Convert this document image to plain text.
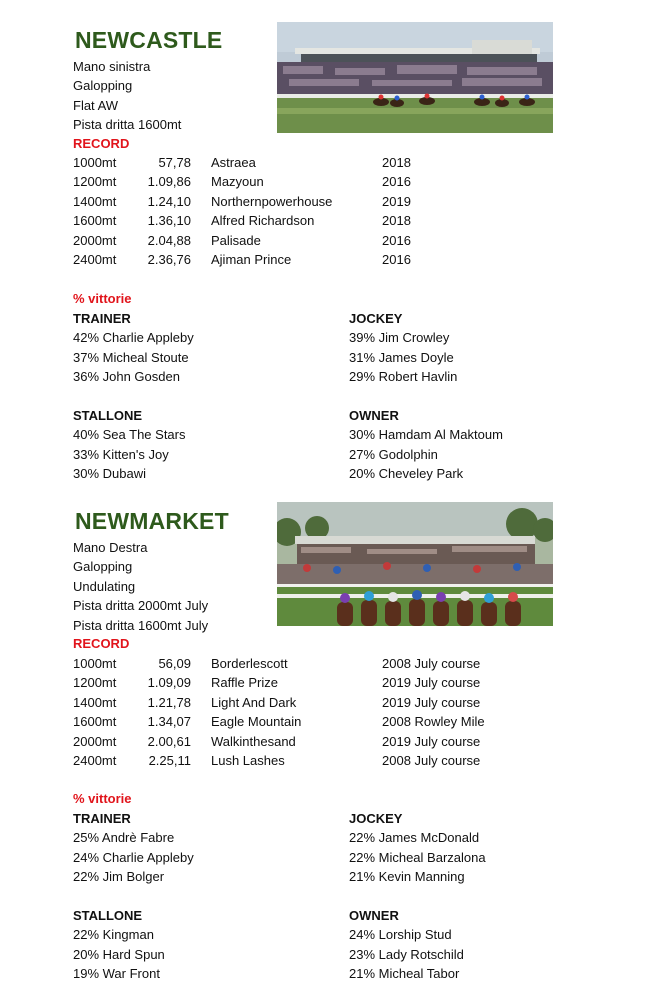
NEWCASTLE
Mano sinistra
Galopping
Flat AW
Pista dritta 1600mt
RECORD
1000mt	57,78 Astraea	2018
1200mt	1.09,86 Mazyoun	2016
1400mt	1.24,10 Northernpowerhouse	2019
1600mt	1.36,10 Alfred Richardson	2018
2000mt	2.04,88 Palisade	2016
2400mt	2.36,76 Ajiman Prince	2016
% vittorie
TRAINER
42% Charlie Appleby
37% Micheal Stoute
36% John Gosden
JOCKEY
39% Jim Crowley
31% James Doyle
29% Robert Havlin
STALLONE
40% Sea The Stars
33% Kitten's Joy
30% Dubawi
OWNER
30% Hamdam Al Maktoum
27% Godolphin
20% Cheveley Park
NEWMARKET
Mano Destra
Galopping
Undulating
Pista dritta 2000mt July
Pista dritta 1600mt July
RECORD
1000mt	56,09 Borderlescott	2008 July course
1200mt	1.09,09 Raffle Prize	2019 July course
1400mt	1.21,78 Light And Dark	2019 July course
1600mt	1.34,07 Eagle Mountain	2008 Rowley Mile
2000mt	2.00,61 Walkinthesand	2019 July course
2400mt	2.25,11 Lush Lashes	2008 July course
% vittorie
TRAINER
25% Andrè Fabre
24% Charlie Appleby
22% Jim Bolger
JOCKEY
22% James McDonald
22% Micheal Barzalona
21% Kevin Manning
STALLONE
22% Kingman
20% Hard Spun
19% War Front
OWNER
24% Lorship Stud
23% Lady Rotschild
21% Micheal Tabor
